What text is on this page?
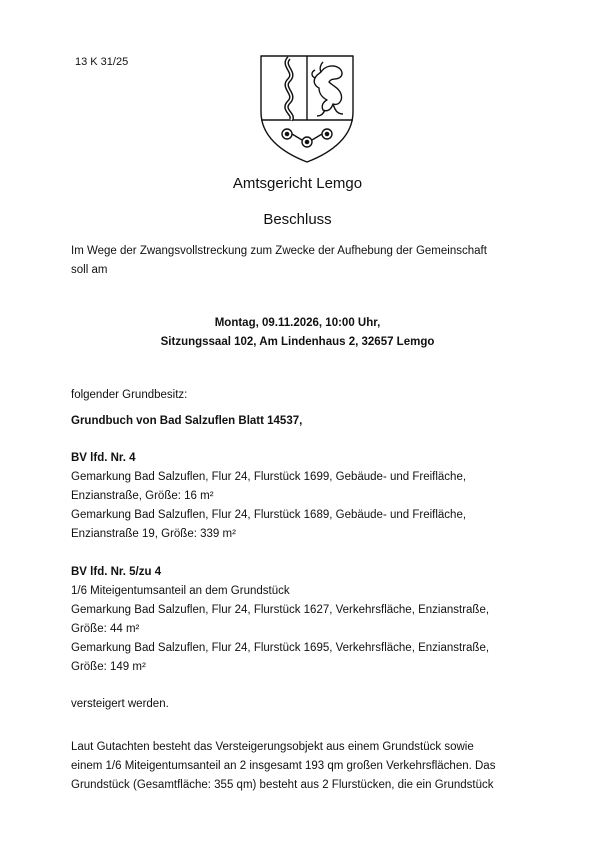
13 K 31/25

Amtsgericht Lemgo

Beschluss

Im Wege der Zwangsvollstreckung zum Zwecke der Aufhebung der Gemeinschaft

soll am

Montag, 09.11.2026, 10:00 Uhr,

Sitzungssaal 102, Am Lindenhaus 2, 32657 Lemgo

folgender Grundbesitz:

Grundbuch von Bad Salzuflen Blatt 14537,

BV lfd. Nr. 4

Gemarkung Bad Salzuflen, Flur 24, Flurstück 1699, Gebäude- und Freifläche,

Enzianstraße, Größe: 16 m²

Gemarkung Bad Salzuflen, Flur 24, Flurstück 1689, Gebäude- und Freifläche,

Enzianstraße 19, Größe: 339 m²

BV lfd. Nr. 5/zu 4

1/6 Miteigentumsanteil an dem Grundstück

Gemarkung Bad Salzuflen, Flur 24, Flurstück 1627, Verkehrsfläche, Enzianstraße,

Größe: 44 m²

Gemarkung Bad Salzuflen, Flur 24, Flurstück 1695, Verkehrsfläche, Enzianstraße,

Größe: 149 m²

versteigert werden.

Laut Gutachten besteht das Versteigerungsobjekt aus einem Grundstück sowie

einem 1/6 Miteigentumsanteil an 2 insgesamt 193 qm großen Verkehrsflächen. Das

Grundstück (Gesamtfläche: 355 qm) besteht aus 2 Flurstücken, die ein Grundstück
